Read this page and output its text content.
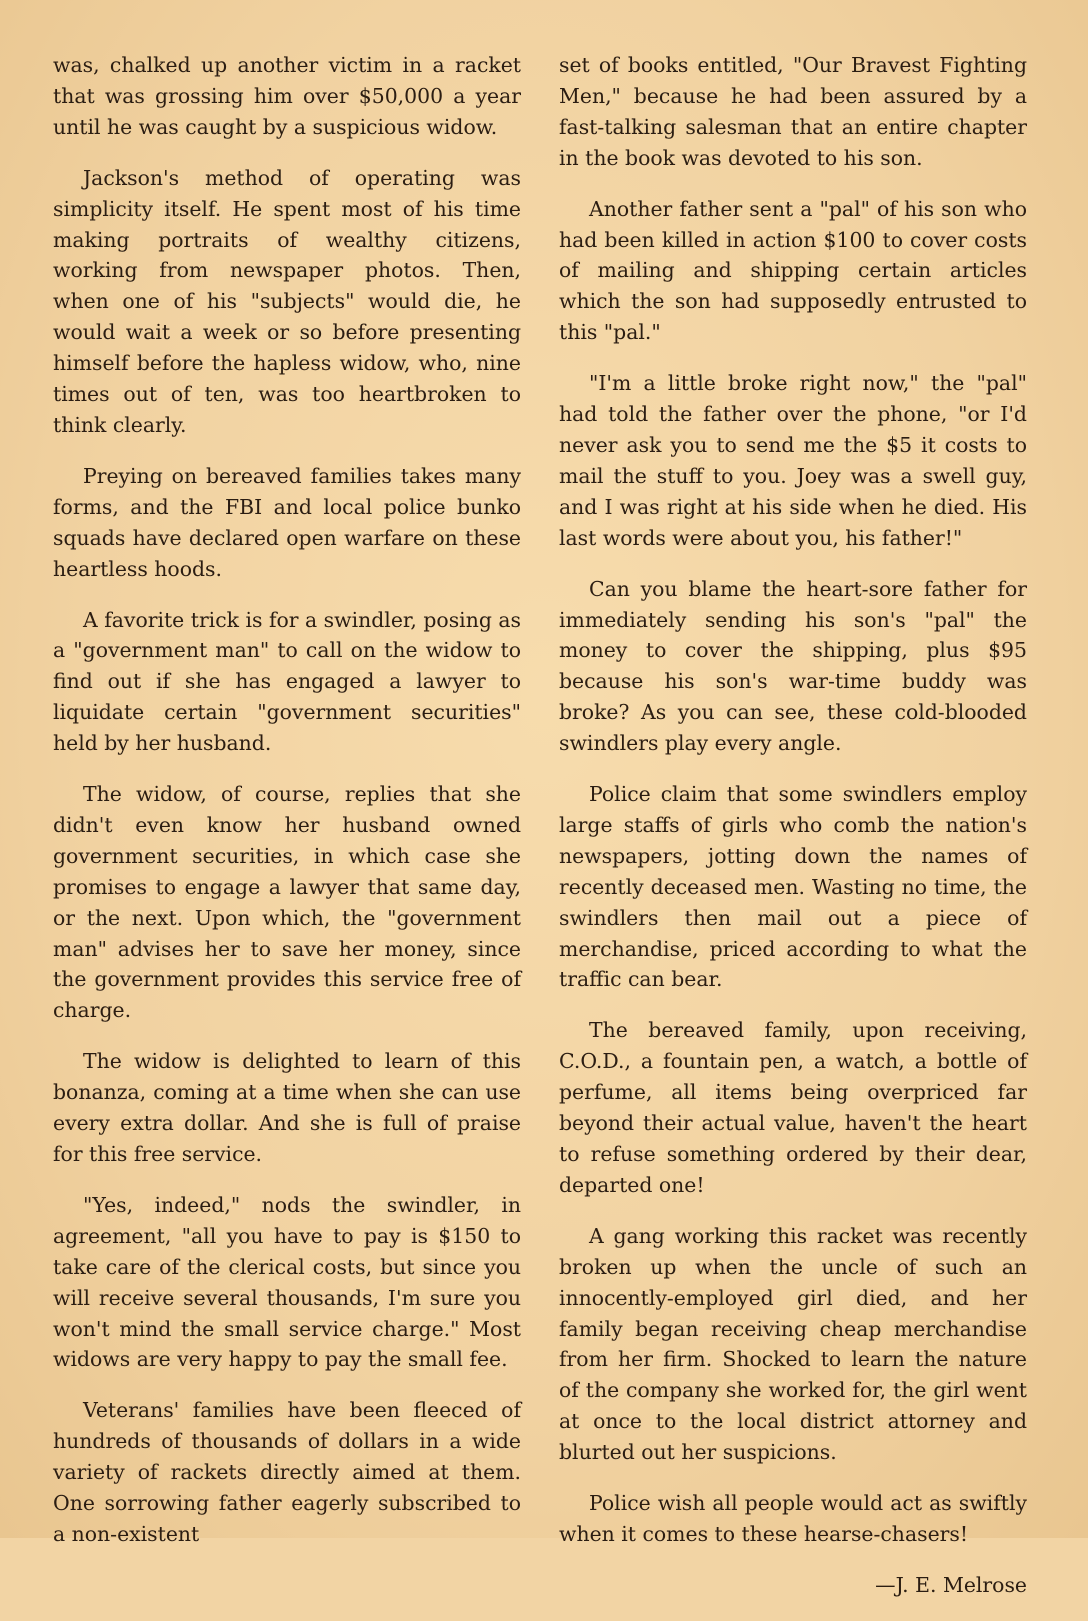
was, chalked up another victim in a racket that was grossing him over $50,000 a year until he was caught by a suspicious widow.

Jackson's method of operating was simplicity itself. He spent most of his time making portraits of wealthy citizens, working from newspaper photos. Then, when one of his "subjects" would die, he would wait a week or so before presenting himself before the hapless widow, who, nine times out of ten, was too heartbroken to think clearly.

Preying on bereaved families takes many forms, and the FBI and local police bunko squads have declared open warfare on these heartless hoods.

A favorite trick is for a swindler, posing as a "government man" to call on the widow to find out if she has engaged a lawyer to liquidate certain "government securities" held by her husband.

The widow, of course, replies that she didn't even know her husband owned government securities, in which case she promises to engage a lawyer that same day, or the next. Upon which, the "government man" advises her to save her money, since the government provides this service free of charge.

The widow is delighted to learn of this bonanza, coming at a time when she can use every extra dollar. And she is full of praise for this free service.

"Yes, indeed," nods the swindler, in agreement, "all you have to pay is $150 to take care of the clerical costs, but since you will receive several thousands, I'm sure you won't mind the small service charge." Most widows are very happy to pay the small fee.

Veterans' families have been fleeced of hundreds of thousands of dollars in a wide variety of rackets directly aimed at them. One sorrowing father eagerly subscribed to a non-existent

set of books entitled, "Our Bravest Fighting Men," because he had been assured by a fast-talking salesman that an entire chapter in the book was devoted to his son.

Another father sent a "pal" of his son who had been killed in action $100 to cover costs of mailing and shipping certain articles which the son had supposedly entrusted to this "pal."

"I'm a little broke right now," the "pal" had told the father over the phone, "or I'd never ask you to send me the $5 it costs to mail the stuff to you. Joey was a swell guy, and I was right at his side when he died. His last words were about you, his father!"

Can you blame the heart-sore father for immediately sending his son's "pal" the money to cover the shipping, plus $95 because his son's war-time buddy was broke? As you can see, these cold-blooded swindlers play every angle.

Police claim that some swindlers employ large staffs of girls who comb the nation's newspapers, jotting down the names of recently deceased men. Wasting no time, the swindlers then mail out a piece of merchandise, priced according to what the traffic can bear.

The bereaved family, upon receiving, C.O.D., a fountain pen, a watch, a bottle of perfume, all items being overpriced far beyond their actual value, haven't the heart to refuse something ordered by their dear, departed one!

A gang working this racket was recently broken up when the uncle of such an innocently-employed girl died, and her family began receiving cheap merchandise from her firm. Shocked to learn the nature of the company she worked for, the girl went at once to the local district attorney and blurted out her suspicions.

Police wish all people would act as swiftly when it comes to these hearse-chasers!

—J. E. Melrose
